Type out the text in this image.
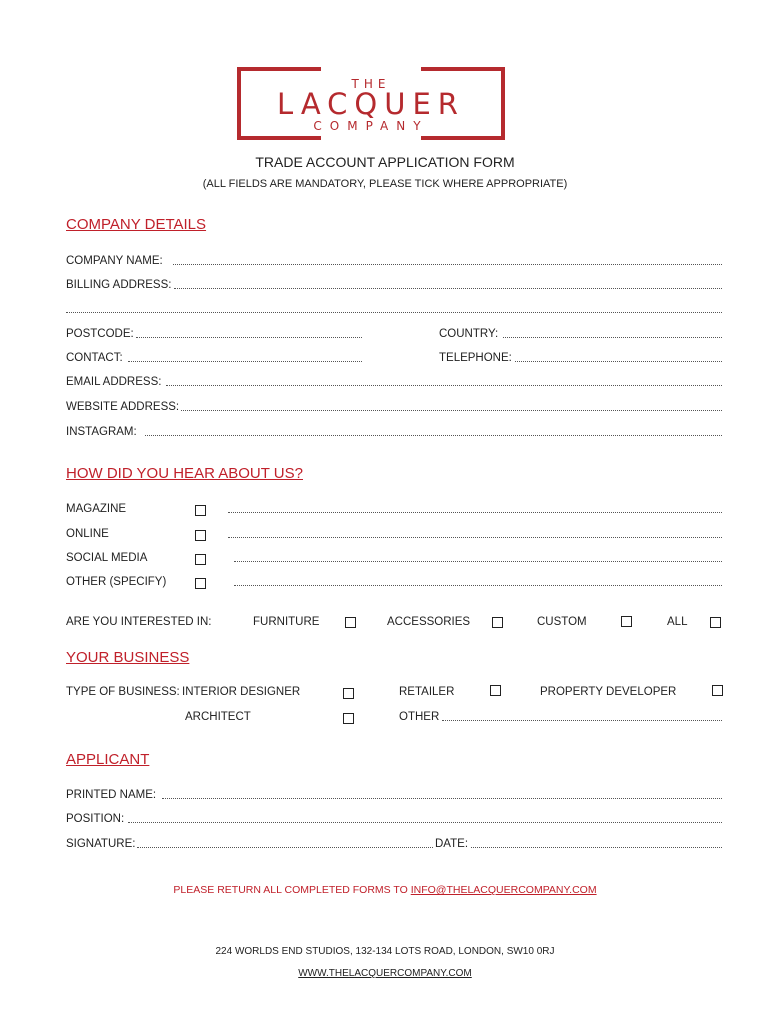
THE
LACQUER
COMPANY
TRADE ACCOUNT APPLICATION FORM
(ALL FIELDS ARE MANDATORY, PLEASE TICK WHERE APPROPRIATE)
COMPANY DETAILS
COMPANY NAME:
BILLING ADDRESS:
POSTCODE:	COUNTRY:
CONTACT:	TELEPHONE:
EMAIL ADDRESS:
WEBSITE ADDRESS:
INSTAGRAM:
HOW DID YOU HEAR ABOUT US?
MAGAZINE
ONLINE
SOCIAL MEDIA
OTHER (SPECIFY)
ARE YOU INTERESTED IN:	FURNITURE	ACCESSORIES	CUSTOM	ALL
YOUR BUSINESS
TYPE OF BUSINESS: INTERIOR DESIGNER	RETAILER	PROPERTY DEVELOPER
ARCHITECT	OTHER
APPLICANT
PRINTED NAME:
POSITION:
SIGNATURE:	DATE:
PLEASE RETURN ALL COMPLETED FORMS TO INFO@THELACQUERCOMPANY.COM
224 WORLDS END STUDIOS, 132-134 LOTS ROAD, LONDON, SW10 0RJ
WWW.THELACQUERCOMPANY.COM
